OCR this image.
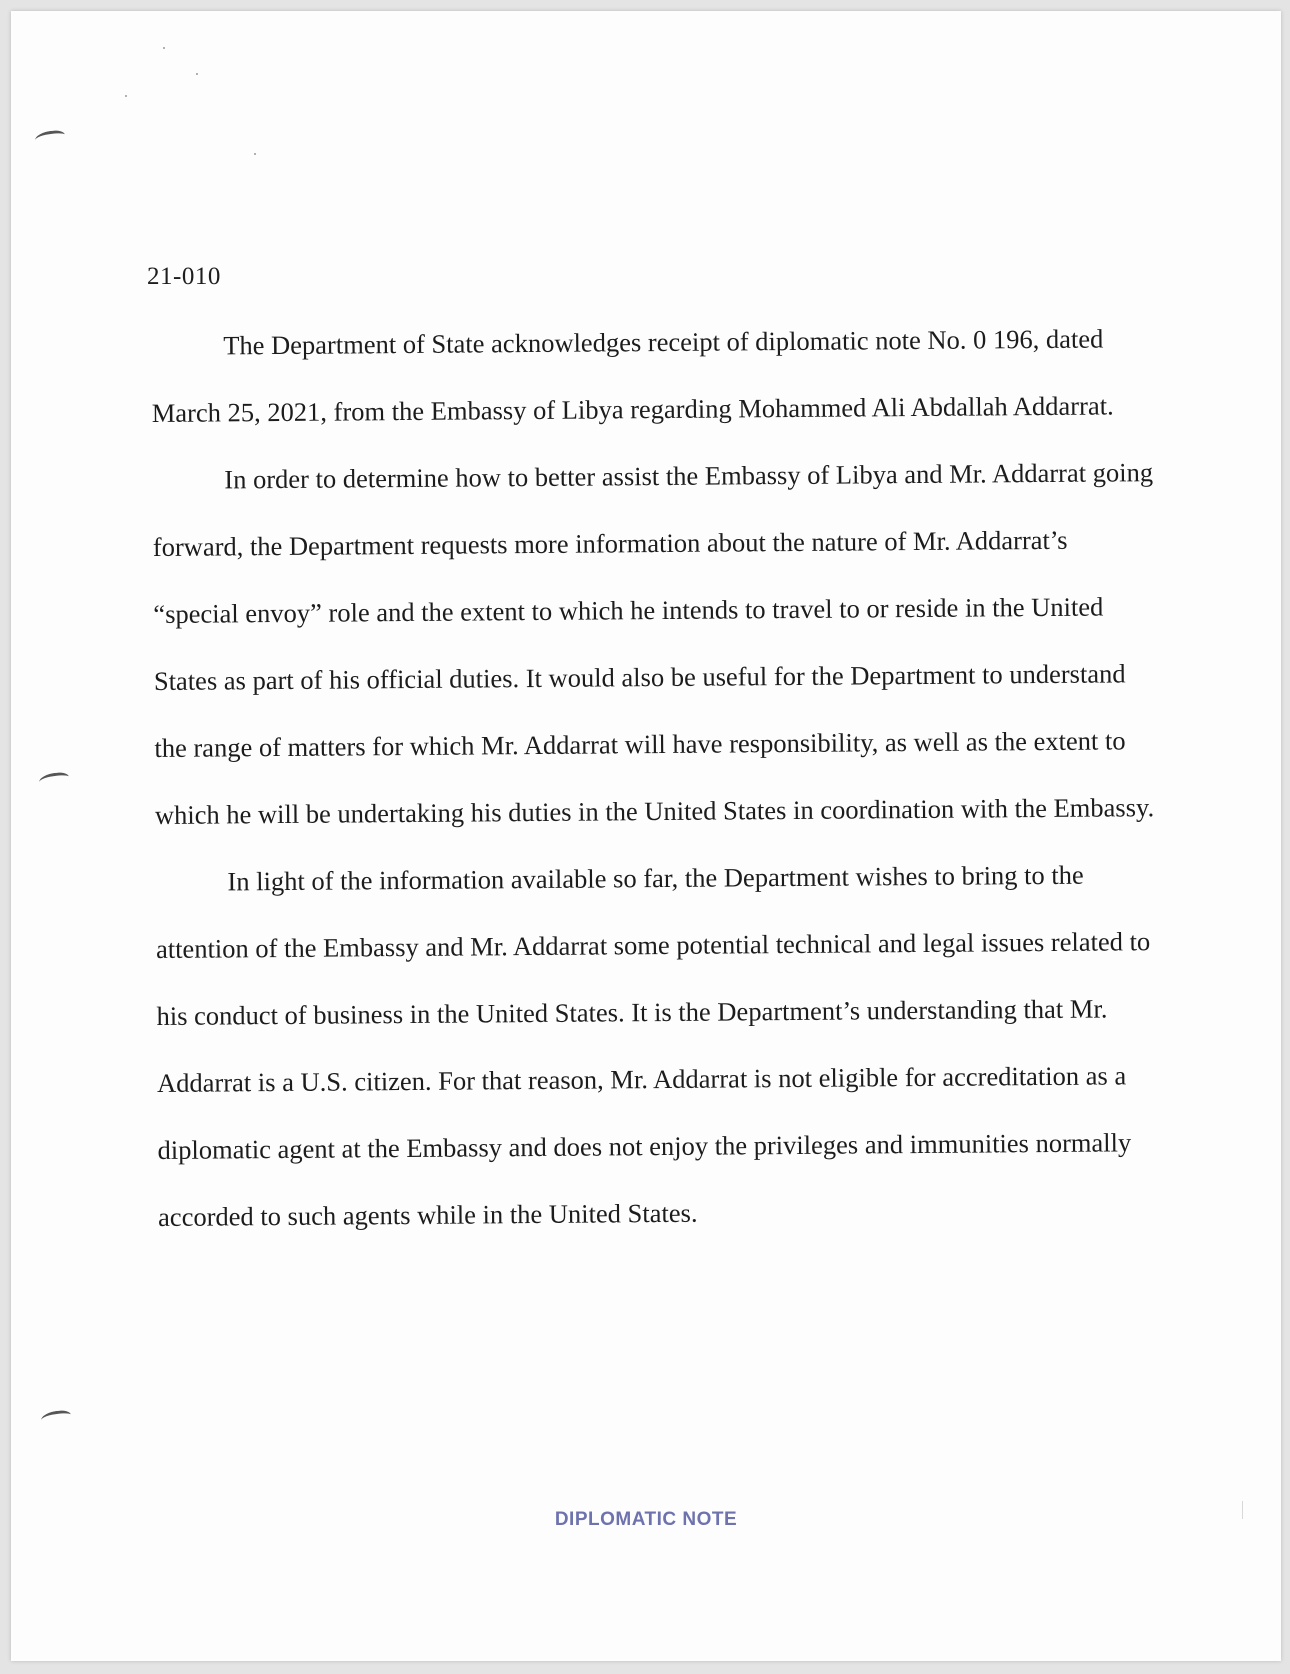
21-010

The Department of State acknowledges receipt of diplomatic note No. 0 196, dated March 25, 2021, from the Embassy of Libya regarding Mohammed Ali Abdallah Addarrat.

In order to determine how to better assist the Embassy of Libya and Mr. Addarrat going forward, the Department requests more information about the nature of Mr. Addarrat’s “special envoy” role and the extent to which he intends to travel to or reside in the United States as part of his official duties. It would also be useful for the Department to understand the range of matters for which Mr. Addarrat will have responsibility, as well as the extent to which he will be undertaking his duties in the United States in coordination with the Embassy.

In light of the information available so far, the Department wishes to bring to the attention of the Embassy and Mr. Addarrat some potential technical and legal issues related to his conduct of business in the United States. It is the Department’s understanding that Mr. Addarrat is a U.S. citizen. For that reason, Mr. Addarrat is not eligible for accreditation as a diplomatic agent at the Embassy and does not enjoy the privileges and immunities normally accorded to such agents while in the United States.

DIPLOMATIC NOTE
